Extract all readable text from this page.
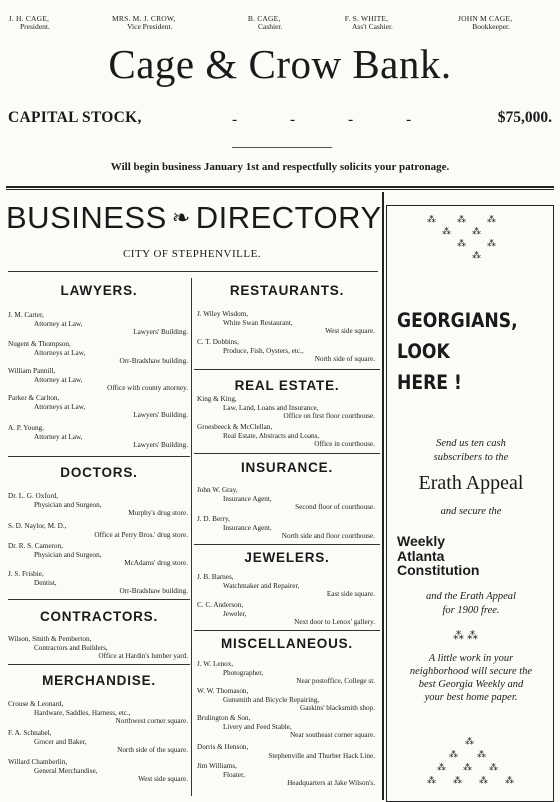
J. H. CAGE,
President.
MRS. M. J. CROW,
Vice President.
B. CAGE,
Cashier.
F. S. WHITE,
Ass't Cashier.
JOHN M CAGE,
Bookkeeper.
Cage & Crow Bank.
CAPITAL STOCK,	-	-	-	-	$75,000.
Will begin business January 1st and respectfully solicits your patronage.
BUSINESS ❧ DIRECTORY
CITY OF STEPHENVILLE.
LAWYERS.
J. M. Carter,
Attorney at Law,
Lawyers' Building.
Nugent & Thompson,
Attorneys at Law,
Orr-Bradshaw building.
William Pannill,
Attorney at Law,
Office with county attorney.
Parker & Carlton,
Attorneys at Law,
Lawyers' Building.
A. P. Young,
Attorney at Law,
Lawyers' Building.
DOCTORS.
Dr. L. G. Oxford,
Physician and Surgeon,
Murphy's drug store.
S. D. Naylor, M. D.,
Office at Perry Bros.' drug store.
Dr. R. S. Cameron,
Physician and Surgeon,
McAdams' drug store.
J. S. Frisbie,
Dentist,
Orr-Bradshaw building.
CONTRACTORS.
Wilson, Smith & Pemberton,
Contractors and Builders,
Office at Hardin's lumber yard.
MERCHANDISE.
Crouse & Leonard,
Hardware, Saddles, Harness, etc.,
Northwest corner square.
F. A. Schnabel,
Grocer and Baker,
North side of the square.
Willard Chamberlin,
General Merchandise,
West side square.
RESTAURANTS.
J. Wiley Wisdom,
White Swan Restaurant,
West side square.
C. T. Dobbins,
Produce, Fish, Oysters, etc.,
North side of square.
REAL ESTATE.
King & King,
Law, Land, Loans and Insurance,
Office on first floor courthouse.
Groesbeeck & McClellan,
Real Estate, Abstracts and Loans,
Office in courthouse.
INSURANCE.
John W. Gray,
Insurance Agent,
Second floor of courthouse.
J. D. Berry,
Insurance Agent,
North side and floor courthouse.
JEWELERS.
J. B. Barnes,
Watchmaker and Repairer,
East side square.
C. C. Anderson,
Jeweler,
Next door to Lenox' gallery.
MISCELLANEOUS.
J. W. Lenox,
Photographer,
Near postoffice, College st.
W. W. Thomason,
Gunsmith and Bicycle Repairing,
Gaskins' blacksmith shop.
Brulington & Son,
Livery and Feed Stable,
Near southeast corner square.
Dorris & Henson,
Stephenville and Thurber Hack Line.
Jim Williams,
Floater,
Headquarters at Jake Wilson's.
⁂ ⁂ ⁂
⁂ ⁂
⁂ ⁂
⁂
GEORGIANS,
LOOK
HERE !
Send us ten cash
subscribers to the
Erath Appeal
and secure the
Weekly
Atlanta
Constitution
and the Erath Appeal
for 1900 free.
⁂ ⁂
A little work in your
neighborhood will secure the
best Georgia Weekly and
your best home paper.
⁂
⁂ ⁂
⁂ ⁂ ⁂
⁂ ⁂ ⁂ ⁂
